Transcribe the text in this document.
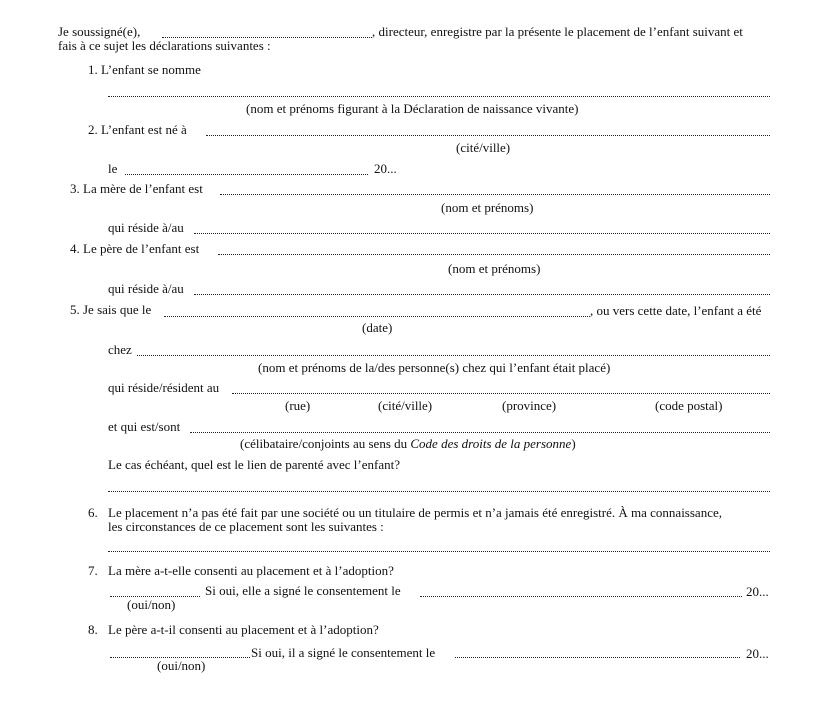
Je soussigné(e),	, directeur, enregistre par la présente le placement de l’enfant suivant et
fais à ce sujet les déclarations suivantes :
1. L’enfant se nomme
(nom et prénoms figurant à la Déclaration de naissance vivante)
2. L’enfant est né à
(cité/ville)
le	20...
3. La mère de l’enfant est
(nom et prénoms)
qui réside à/au
4. Le père de l’enfant est
(nom et prénoms)
qui réside à/au
5. Je sais que le	, ou vers cette date, l’enfant a été
(date)
chez
(nom et prénoms de la/des personne(s) chez qui l’enfant était placé)
qui réside/résident au
(rue)	(cité/ville)	(province)	(code postal)
et qui est/sont
(célibataire/conjoints au sens du Code des droits de la personne)
Le cas échéant, quel est le lien de parenté avec l’enfant?
6. Le placement n’a pas été fait par une société ou un titulaire de permis et n’a jamais été enregistré. À ma connaissance,
les circonstances de ce placement sont les suivantes :
7. La mère a-t-elle consenti au placement et à l’adoption?
Si oui, elle a signé le consentement le	20...
(oui/non)
8. Le père a-t-il consenti au placement et à l’adoption?
Si oui, il a signé le consentement le	20...
(oui/non)
